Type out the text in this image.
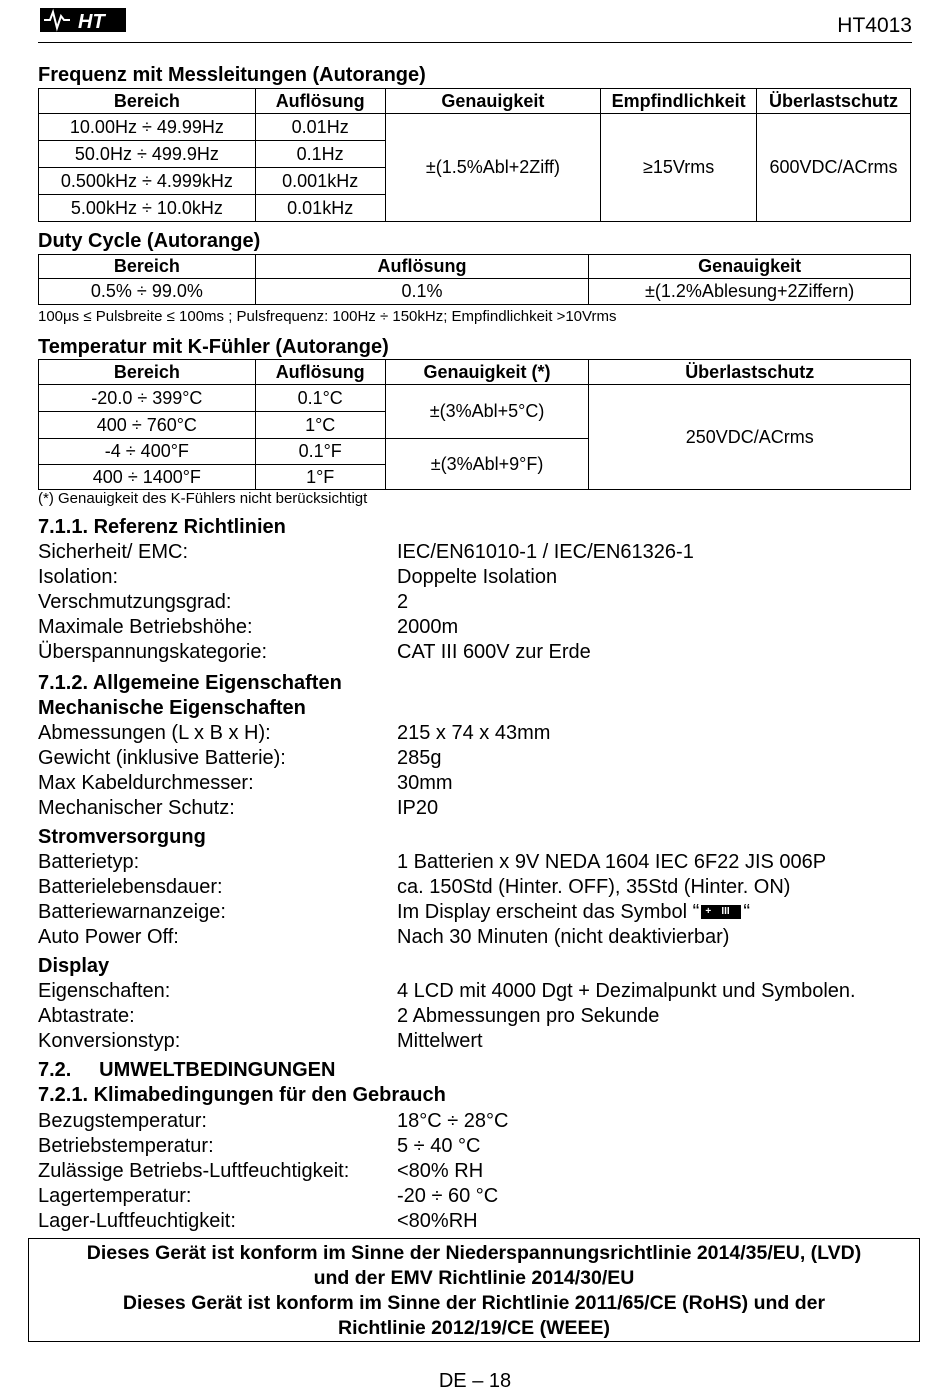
HT	HT4013
Frequenz mit Messleitungen (Autorange)
Bereich	Auflösung	Genauigkeit	Empfindlichkeit	Überlastschutz
10.00Hz ÷ 49.99Hz	0.01Hz	±(1.5%Abl+2Ziff)	≥15Vrms	600VDC/ACrms
50.0Hz ÷ 499.9Hz	0.1Hz			
0.500kHz ÷ 4.999kHz	0.001kHz			
5.00kHz ÷ 10.0kHz	0.01kHz			
Duty Cycle (Autorange)
Bereich	Auflösung	Genauigkeit
0.5% ÷ 99.0%	0.1%	±(1.2%Ablesung+2Ziffern)
100μs ≤ Pulsbreite ≤ 100ms ; Pulsfrequenz: 100Hz ÷ 150kHz; Empfindlichkeit >10Vrms
Temperatur mit K-Fühler (Autorange)
Bereich	Auflösung	Genauigkeit (*)	Überlastschutz
-20.0 ÷ 399°C	0.1°C	±(3%Abl+5°C)	250VDC/ACrms
400 ÷ 760°C	1°C		
-4 ÷ 400°F	0.1°F	±(3%Abl+9°F)	
400 ÷ 1400°F	1°F		
(*) Genauigkeit des K-Fühlers nicht berücksichtigt
7.1.1. Referenz Richtlinien
Sicherheit/ EMC:	IEC/EN61010-1 / IEC/EN61326-1
Isolation:	Doppelte Isolation
Verschmutzungsgrad:	2
Maximale Betriebshöhe:	2000m
Überspannungskategorie:	CAT III 600V zur Erde
7.1.2. Allgemeine Eigenschaften
Mechanische Eigenschaften
Abmessungen (L x B x H):	215 x 74 x 43mm
Gewicht (inklusive Batterie):	285g
Max Kabeldurchmesser:	30mm
Mechanischer Schutz:	IP20
Stromversorgung
Batterietyp:	1 Batterien x 9V NEDA 1604 IEC 6F22 JIS 006P
Batterielebensdauer:	ca. 150Std (Hinter. OFF), 35Std (Hinter. ON)
Batteriewarnanzeige:	Im Display erscheint das Symbol “ + III “
Auto Power Off:	Nach 30 Minuten (nicht deaktivierbar)
Display
Eigenschaften:	4 LCD mit 4000 Dgt + Dezimalpunkt und Symbolen.
Abtastrate:	2 Abmessungen pro Sekunde
Konversionstyp:	Mittelwert
7.2.     UMWELTBEDINGUNGEN
7.2.1. Klimabedingungen für den Gebrauch
Bezugstemperatur:	18°C ÷ 28°C
Betriebstemperatur:	5 ÷ 40 °C
Zulässige Betriebs-Luftfeuchtigkeit: <80% RH
Lagertemperatur:	-20 ÷ 60 °C
Lager-Luftfeuchtigkeit:	<80%RH
Dieses Gerät ist konform im Sinne der Niederspannungsrichtlinie 2014/35/EU, (LVD)
und der EMV Richtlinie 2014/30/EU
Dieses Gerät ist konform im Sinne der Richtlinie 2011/65/CE (RoHS) und der
Richtlinie 2012/19/CE (WEEE)
DE – 18
